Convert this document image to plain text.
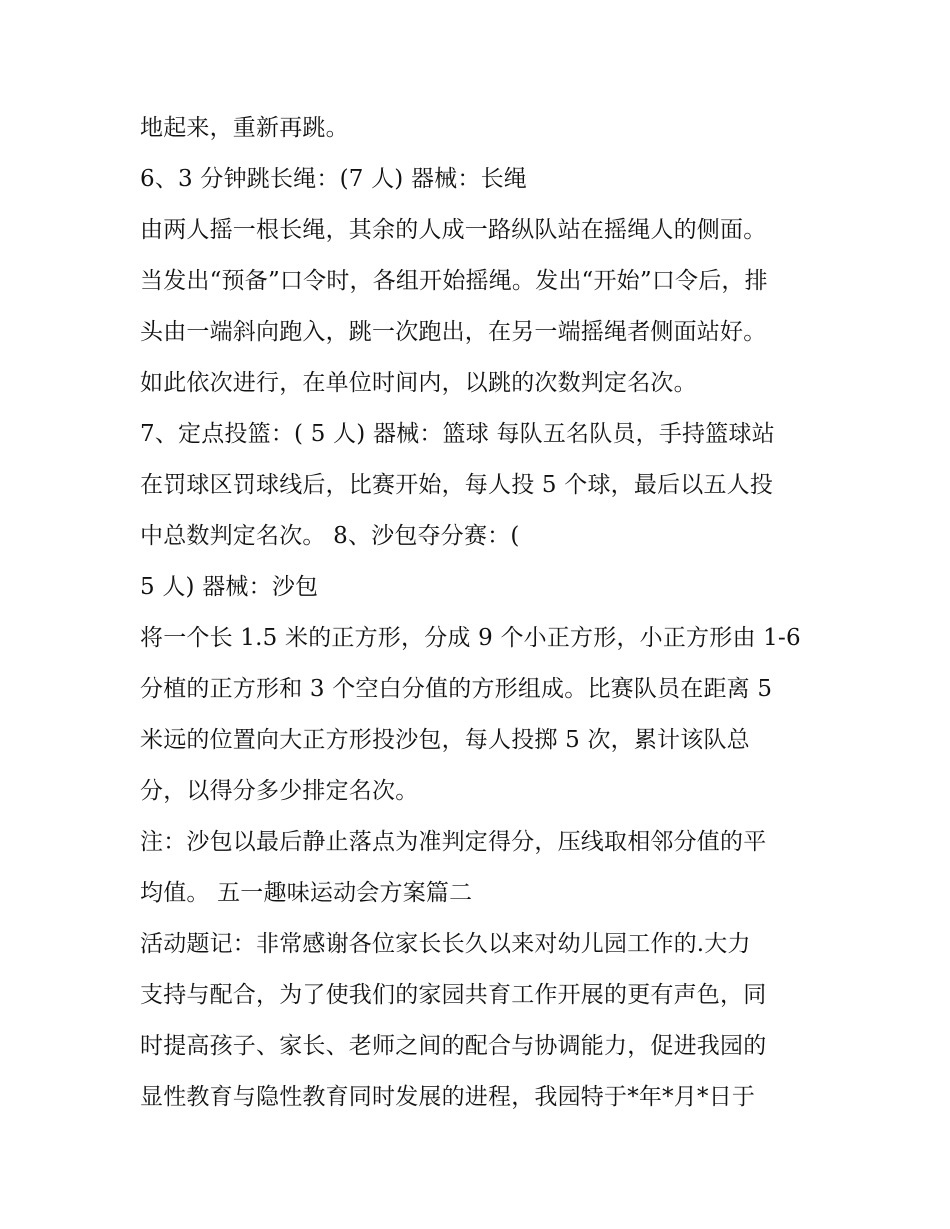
地起来，重新再跳。
6、3 分钟跳长绳：(7 人) 器械：长绳
由两人摇一根长绳，其余的人成一路纵队站在摇绳人的侧面。
当发出“预备”口令时，各组开始摇绳。发出“开始”口令后，排
头由一端斜向跑入，跳一次跑出，在另一端摇绳者侧面站好。
如此依次进行，在单位时间内，以跳的次数判定名次。
7、定点投篮：( 5 人) 器械：篮球 每队五名队员，手持篮球站
在罚球区罚球线后，比赛开始，每人投 5 个球，最后以五人投
中总数判定名次。 8、沙包夺分赛：(
5 人) 器械：沙包
将一个长 1.5 米的正方形，分成 9 个小正方形，小正方形由 1-6
分植的正方形和 3 个空白分值的方形组成。比赛队员在距离 5
米远的位置向大正方形投沙包，每人投掷 5 次，累计该队总
分，以得分多少排定名次。
注：沙包以最后静止落点为准判定得分，压线取相邻分值的平
均值。 五一趣味运动会方案篇二
活动题记：非常感谢各位家长长久以来对幼儿园工作的.大力
支持与配合，为了使我们的家园共育工作开展的更有声色，同
时提高孩子、家长、老师之间的配合与协调能力，促进我园的
显性教育与隐性教育同时发展的进程，我园特于*年*月*日于
